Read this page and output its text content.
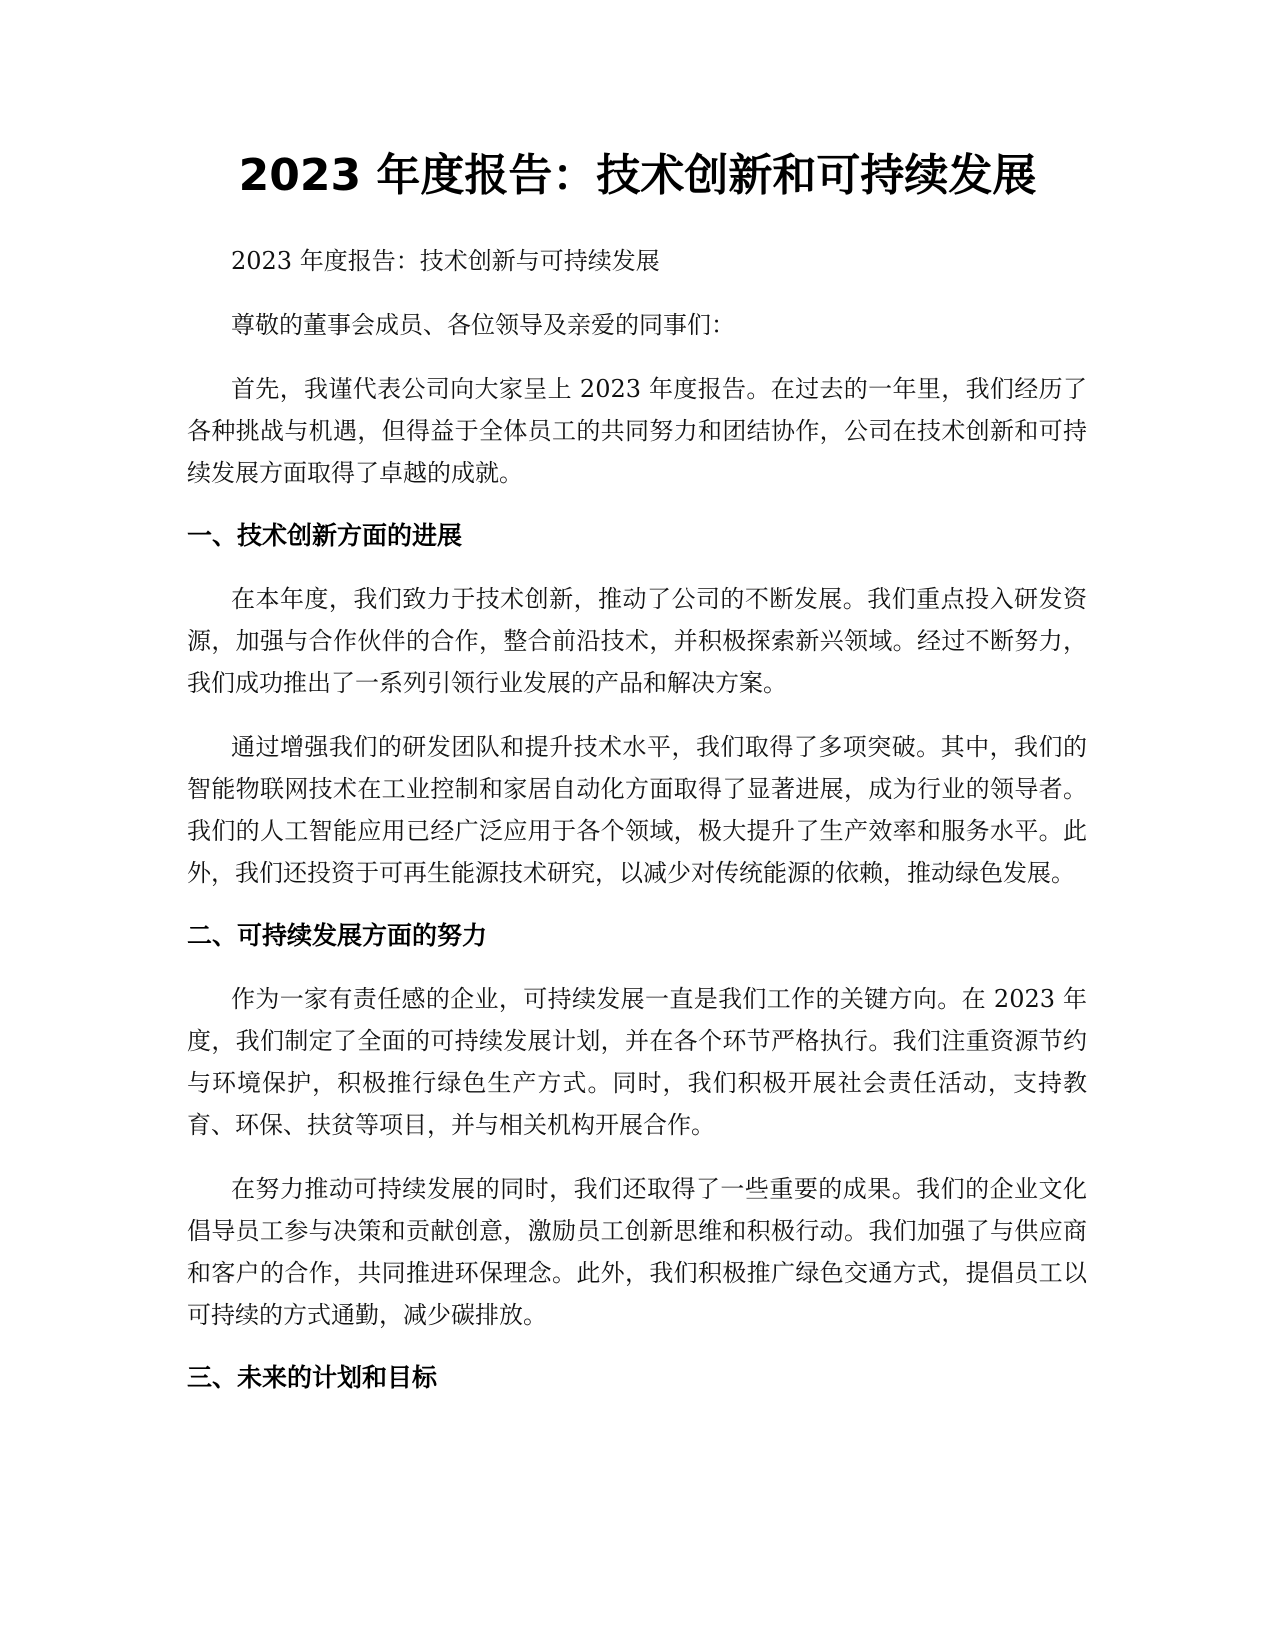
2023 年度报告：技术创新和可持续发展

2023 年度报告：技术创新与可持续发展

尊敬的董事会成员、各位领导及亲爱的同事们：

首先，我谨代表公司向大家呈上 2023 年度报告。在过去的一年里，我们经历了各种挑战与机遇，但得益于全体员工的共同努力和团结协作，公司在技术创新和可持续发展方面取得了卓越的成就。

一、技术创新方面的进展

在本年度，我们致力于技术创新，推动了公司的不断发展。我们重点投入研发资源，加强与合作伙伴的合作，整合前沿技术，并积极探索新兴领域。经过不断努力，我们成功推出了一系列引领行业发展的产品和解决方案。

通过增强我们的研发团队和提升技术水平，我们取得了多项突破。其中，我们的智能物联网技术在工业控制和家居自动化方面取得了显著进展，成为行业的领导者。我们的人工智能应用已经广泛应用于各个领域，极大提升了生产效率和服务水平。此外，我们还投资于可再生能源技术研究，以减少对传统能源的依赖，推动绿色发展。

二、可持续发展方面的努力

作为一家有责任感的企业，可持续发展一直是我们工作的关键方向。在 2023 年度，我们制定了全面的可持续发展计划，并在各个环节严格执行。我们注重资源节约与环境保护，积极推行绿色生产方式。同时，我们积极开展社会责任活动，支持教育、环保、扶贫等项目，并与相关机构开展合作。

在努力推动可持续发展的同时，我们还取得了一些重要的成果。我们的企业文化倡导员工参与决策和贡献创意，激励员工创新思维和积极行动。我们加强了与供应商和客户的合作，共同推进环保理念。此外，我们积极推广绿色交通方式，提倡员工以可持续的方式通勤，减少碳排放。

三、未来的计划和目标
